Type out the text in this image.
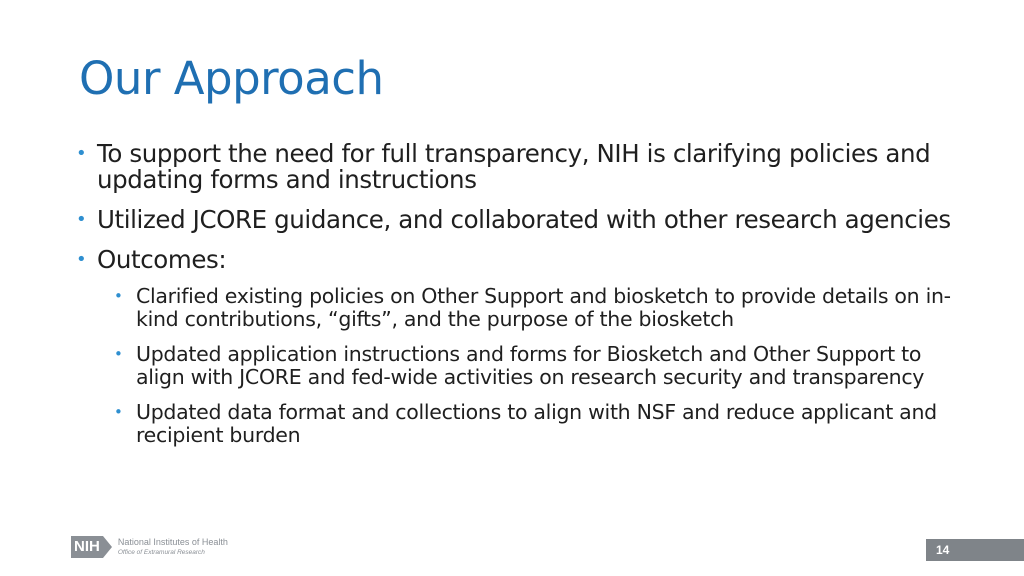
Our Approach
• To support the need for full transparency, NIH is clarifying policies and updating forms and instructions
• Utilized JCORE guidance, and collaborated with other research agencies
• Outcomes:
• Clarified existing policies on Other Support and biosketch to provide details on in-kind contributions, “gifts”, and the purpose of the biosketch
• Updated application instructions and forms for Biosketch and Other Support to align with JCORE and fed-wide activities on research security and transparency
• Updated data format and collections to align with NSF and reduce applicant and recipient burden
NIH	National Institutes of Health
Office of Extramural Research	14
